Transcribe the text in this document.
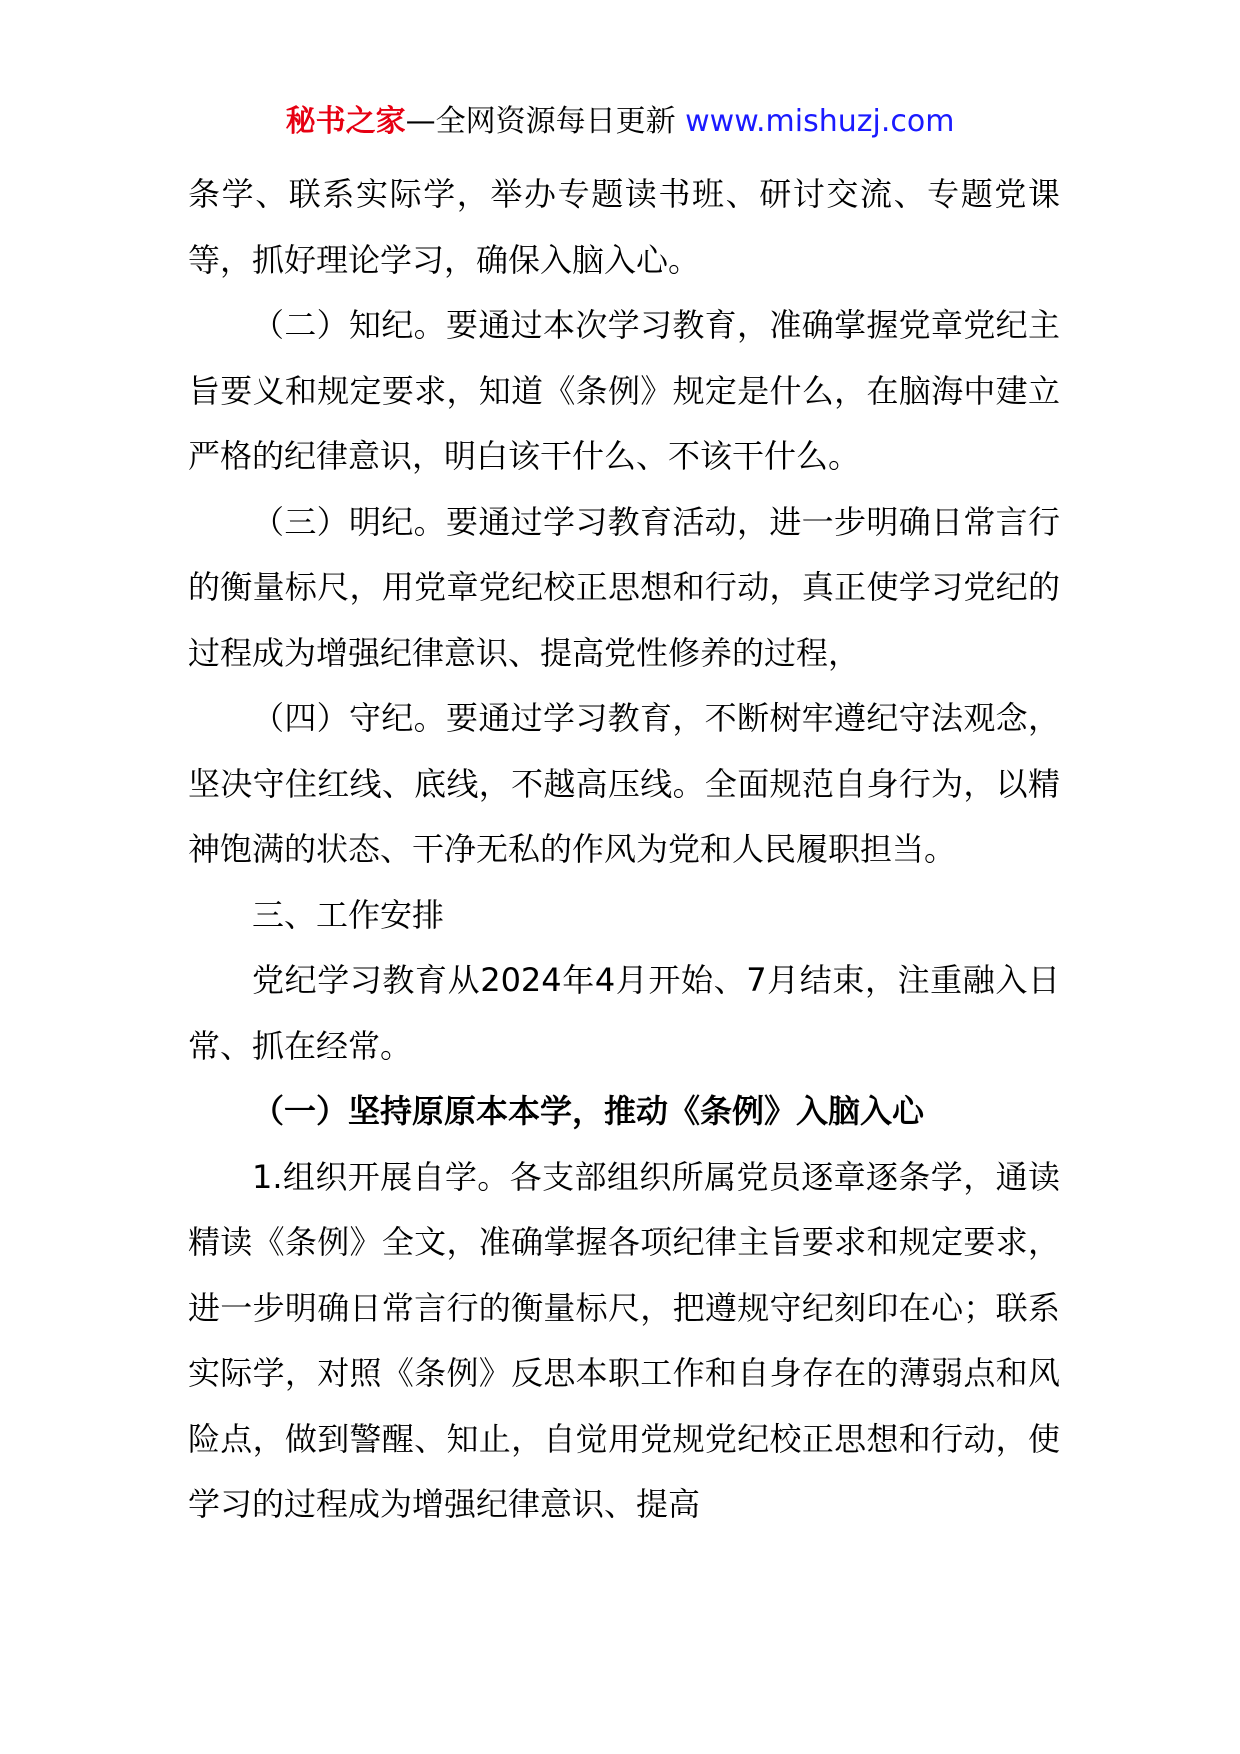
秘书之家—全网资源每日更新 www.mishuzj.com

条学、联系实际学，举办专题读书班、研讨交流、专题党课等，抓好理论学习，确保入脑入心。

（二）知纪。要通过本次学习教育，准确掌握党章党纪主旨要义和规定要求，知道《条例》规定是什么，在脑海中建立严格的纪律意识，明白该干什么、不该干什么。

（三）明纪。要通过学习教育活动，进一步明确日常言行的衡量标尺，用党章党纪校正思想和行动，真正使学习党纪的过程成为增强纪律意识、提高党性修养的过程，

（四）守纪。要通过学习教育，不断树牢遵纪守法观念，坚决守住红线、底线，不越高压线。全面规范自身行为，以精神饱满的状态、干净无私的作风为党和人民履职担当。

三、工作安排

党纪学习教育从2024年4月开始、7月结束，注重融入日常、抓在经常。

（一）坚持原原本本学，推动《条例》入脑入心

1.组织开展自学。各支部组织所属党员逐章逐条学，通读精读《条例》全文，准确掌握各项纪律主旨要求和规定要求，进一步明确日常言行的衡量标尺，把遵规守纪刻印在心；联系实际学，对照《条例》反思本职工作和自身存在的薄弱点和风险点，做到警醒、知止，自觉用党规党纪校正思想和行动，使学习的过程成为增强纪律意识、提高
